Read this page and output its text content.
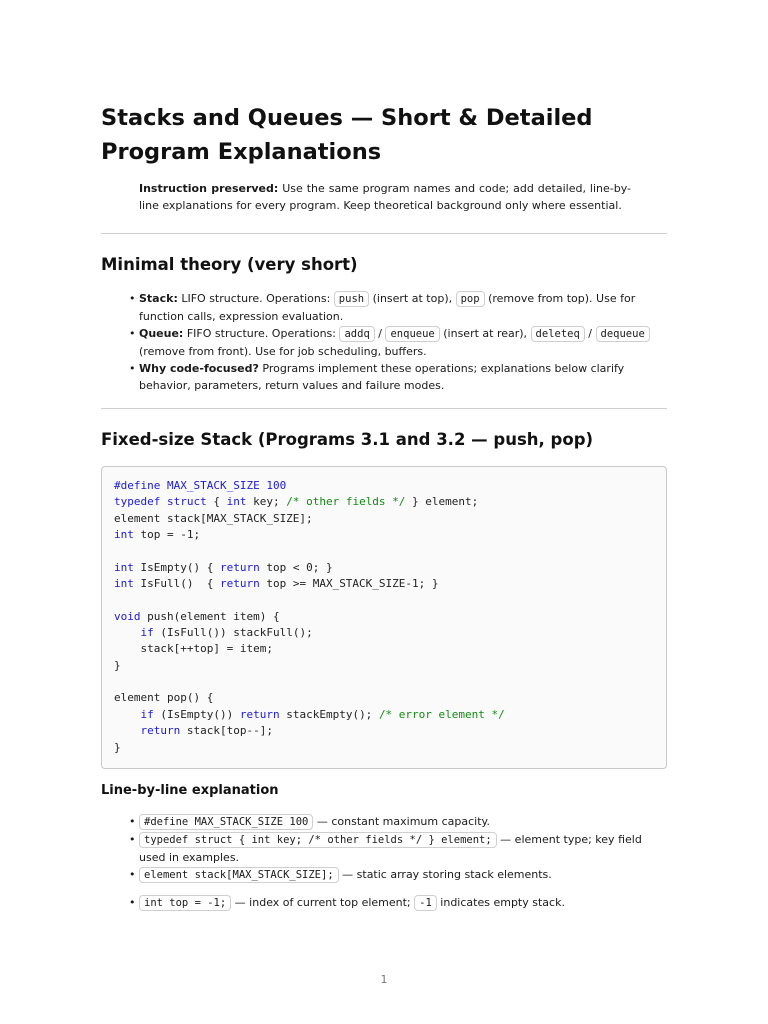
Stacks and Queues — Short & Detailed Program Explanations

Instruction preserved: Use the same program names and code; add detailed, line-by-line explanations for every program. Keep theoretical background only where essential.

Minimal theory (very short)
• Stack: LIFO structure. Operations: push (insert at top), pop (remove from top). Use for function calls, expression evaluation.
• Queue: FIFO structure. Operations: addq / enqueue (insert at rear), deleteq / dequeue (remove from front). Use for job scheduling, buffers.
• Why code-focused? Programs implement these operations; explanations below clarify behavior, parameters, return values and failure modes.
Fixed-size Stack (Programs 3.1 and 3.2 — push, pop)
#define MAX_STACK_SIZE 100
typedef struct { int key; /* other fields */ } element;
element stack[MAX_STACK_SIZE];
int top = -1;

int IsEmpty() { return top < 0; }
int IsFull()  { return top >= MAX_STACK_SIZE-1; }

void push(element item) {
if (IsFull()) stackFull();
stack[++top] = item;
}

element pop() {
if (IsEmpty()) return stackEmpty(); /* error element */
return stack[top--];
}
Line-by-line explanation
• #define MAX_STACK_SIZE 100 — constant maximum capacity.
• typedef struct { int key; /* other fields */ } element; — element type; key field used in examples.
• element stack[MAX_STACK_SIZE]; — static array storing stack elements.
• int top = -1; — index of current top element; -1 indicates empty stack.
1
